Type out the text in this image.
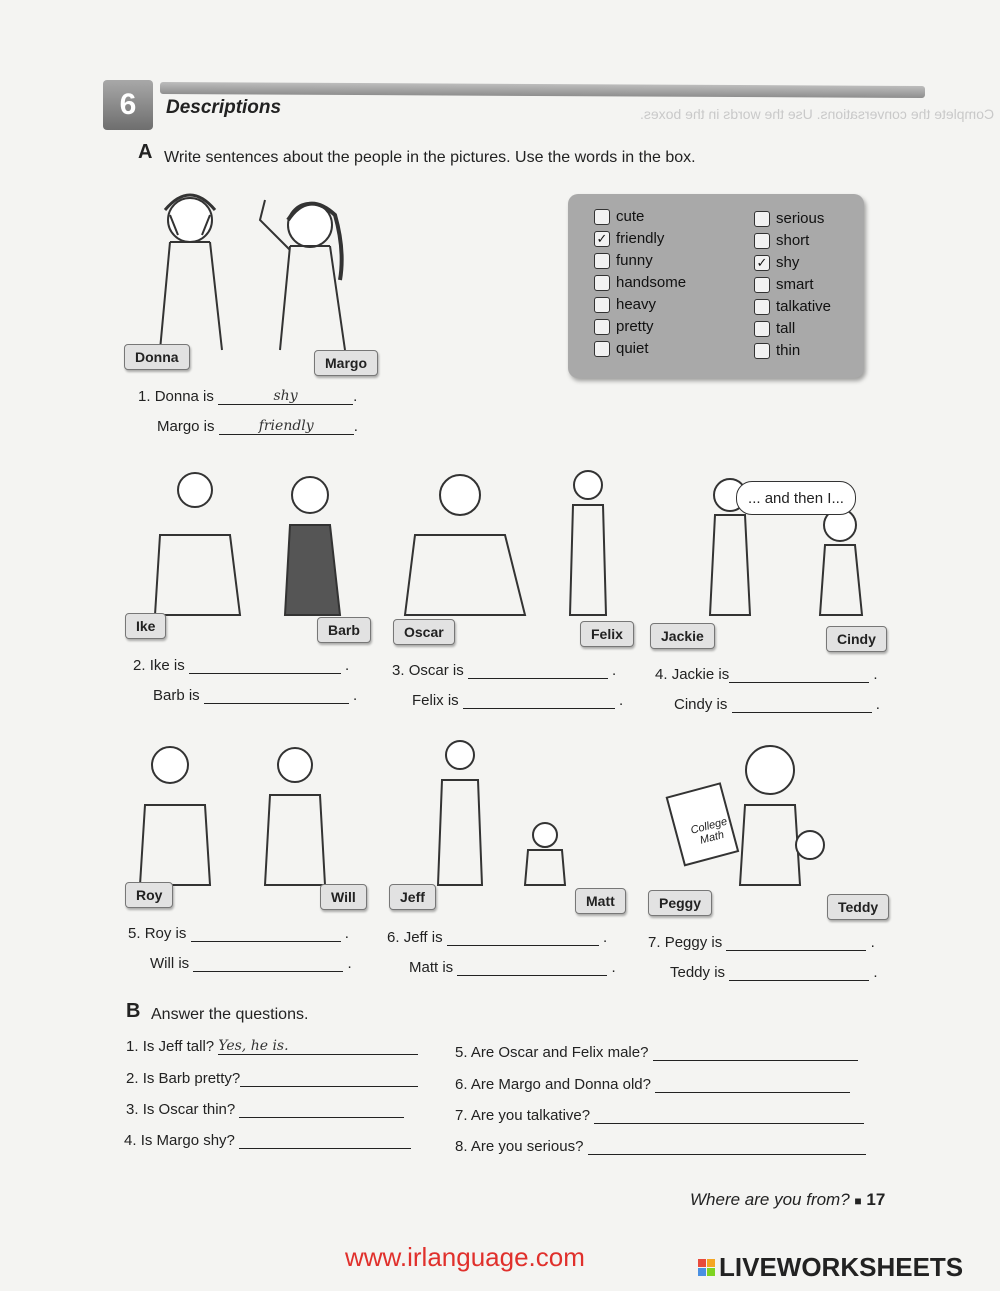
6	Descriptions	Complete the conversations. Use the words in the boxes.
A Write sentences about the people in the pictures. Use the words in the box.
cute
✓ friendly
funny
handsome
heavy
pretty
quiet
serious
short
✓ shy
smart
talkative
tall
thin
Donna	Margo
1. Donna is	shy	.
Margo is	friendly	.
... and then I...
Ike	Barb	Oscar	Felix	Jackie	Cindy
2. Ike is	.
Barb is	.
3. Oscar is	.
Felix is	.
4. Jackie is	.
Cindy is	.
College Math
Roy	Will	Jeff	Matt	Peggy	Teddy
5. Roy is	.
Will is	.
6. Jeff is	.
Matt is	.
7. Peggy is	.
Teddy is	.
B Answer the questions.
1. Is Jeff tall? Yes, he is.
2. Is Barb pretty?
3. Is Oscar thin?
4. Is Margo shy?
5. Are Oscar and Felix male?
6. Are Margo and Donna old?
7. Are you talkative?
8. Are you serious?
Where are you from? ■ 17
www.irlanguage.com	LIVEWORKSHEETS
